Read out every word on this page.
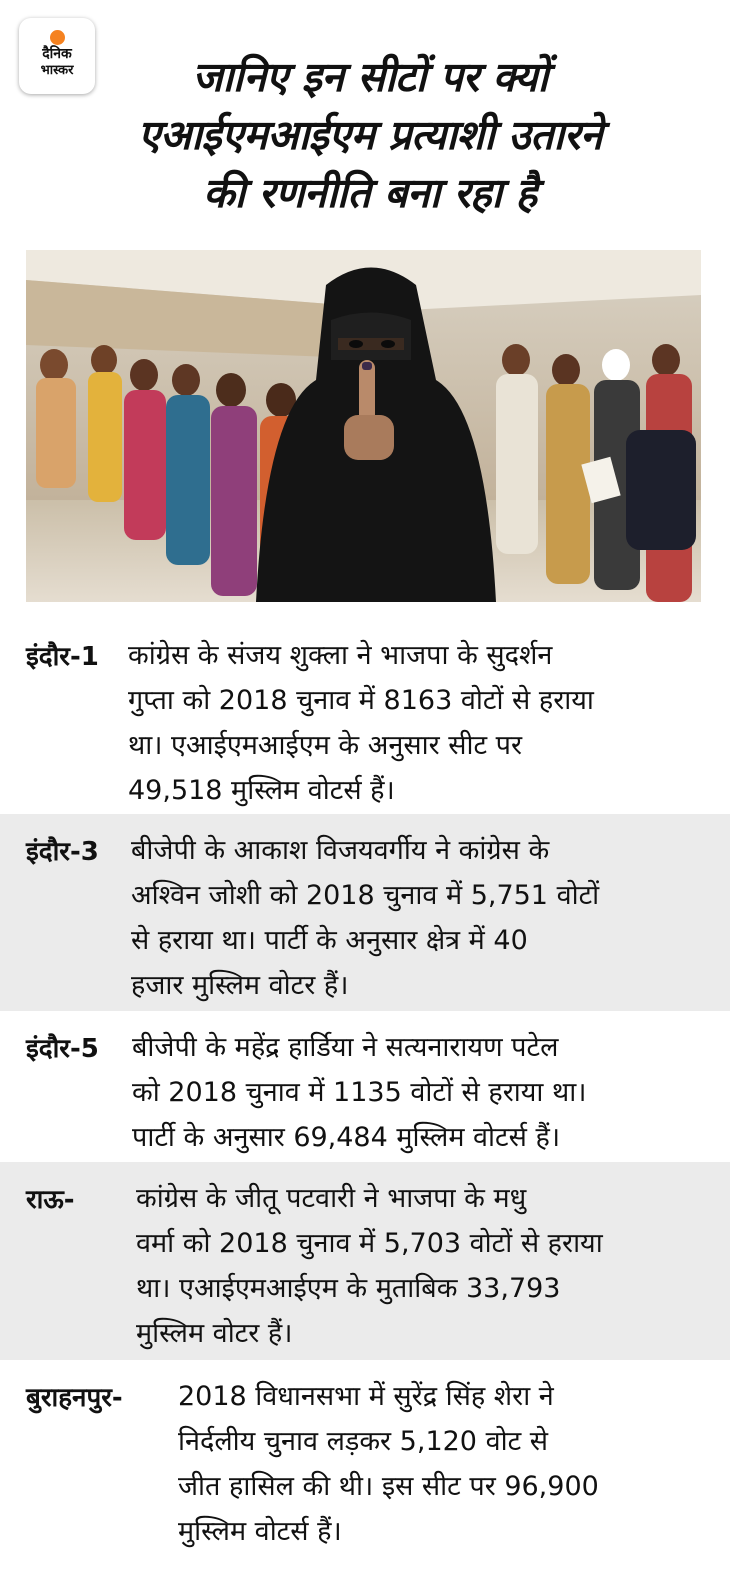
दैनिक
भास्कर	जानिए इन सीटों पर क्यों
एआईएमआईएम प्रत्याशी उतारने
की रणनीति बना रहा है
इंदौर-1 कांग्रेस के संजय शुक्ला ने भाजपा के सुदर्शन
गुप्ता को 2018 चुनाव में 8163 वोटों से हराया
था। एआईएमआईएम के अनुसार सीट पर
49,518 मुस्लिम वोटर्स हैं।
इंदौर-3 बीजेपी के आकाश विजयवर्गीय ने कांग्रेस के
अश्विन जोशी को 2018 चुनाव में 5,751 वोटों
से हराया था। पार्टी के अनुसार क्षेत्र में 40
हजार मुस्लिम वोटर हैं।
इंदौर-5 बीजेपी के महेंद्र हार्डिया ने सत्यनारायण पटेल
को 2018 चुनाव में 1135 वोटों से हराया था।
पार्टी के अनुसार 69,484 मुस्लिम वोटर्स हैं।
राऊ- कांग्रेस के जीतू पटवारी ने भाजपा के मधु
वर्मा को 2018 चुनाव में 5,703 वोटों से हराया
था। एआईएमआईएम के मुताबिक 33,793
मुस्लिम वोटर हैं।
बुराहनपुर- 2018 विधानसभा में सुरेंद्र सिंह शेरा ने
निर्दलीय चुनाव लड़कर 5,120 वोट से
जीत हासिल की थी। इस सीट पर 96,900
मुस्लिम वोटर्स हैं।
